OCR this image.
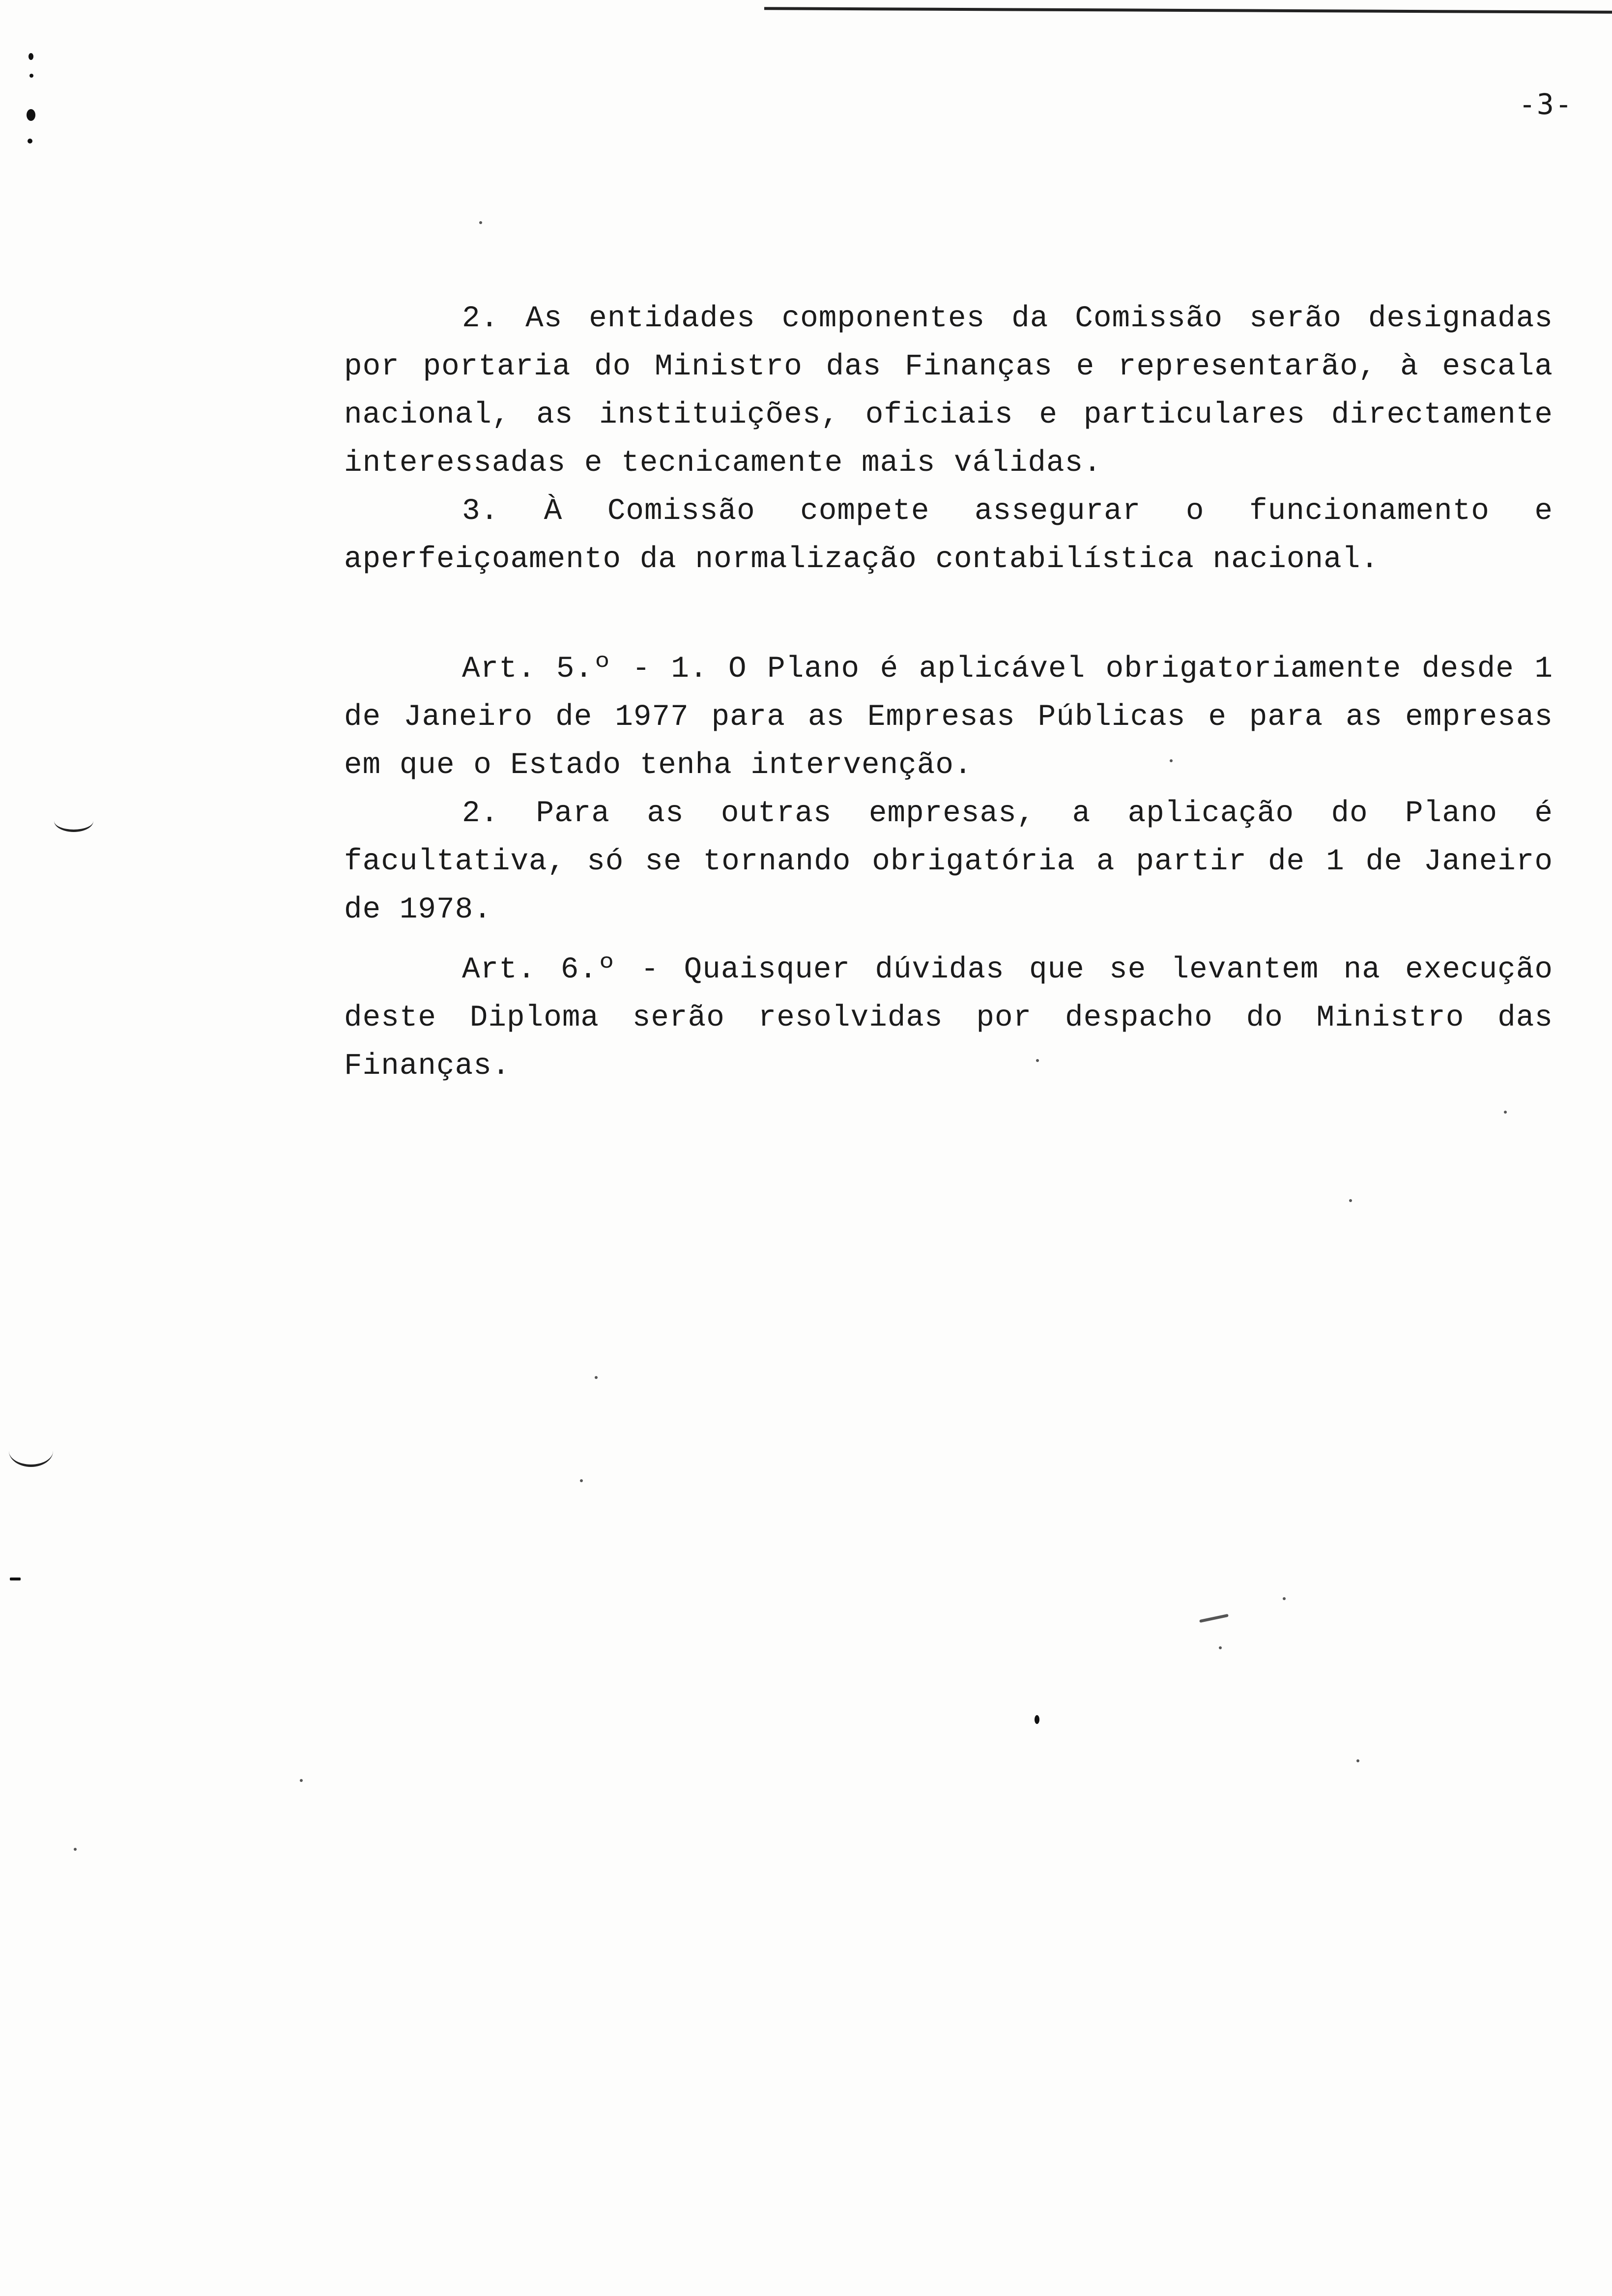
-3-

2. As entidades componentes da Comissão serão designadas por portaria do Ministro das Finanças e representarão, à escala nacional, as instituições, oficiais e particulares directamente interessadas e tecnicamente mais válidas.

3. À Comissão compete assegurar o funcionamento e aperfeiçoamento da normalização contabilística nacional.

Art. 5.º - 1. O Plano é aplicável obrigatoriamente desde 1 de Janeiro de 1977 para as Empresas Públicas e para as empresas em que o Estado tenha intervenção.

2. Para as outras empresas, a aplicação do Plano é facultativa, só se tornando obrigatória a partir de 1 de Janeiro de 1978.

Art. 6.º - Quaisquer dúvidas que se levantem na execução deste Diploma serão resolvidas por despacho do Ministro das Finanças.
